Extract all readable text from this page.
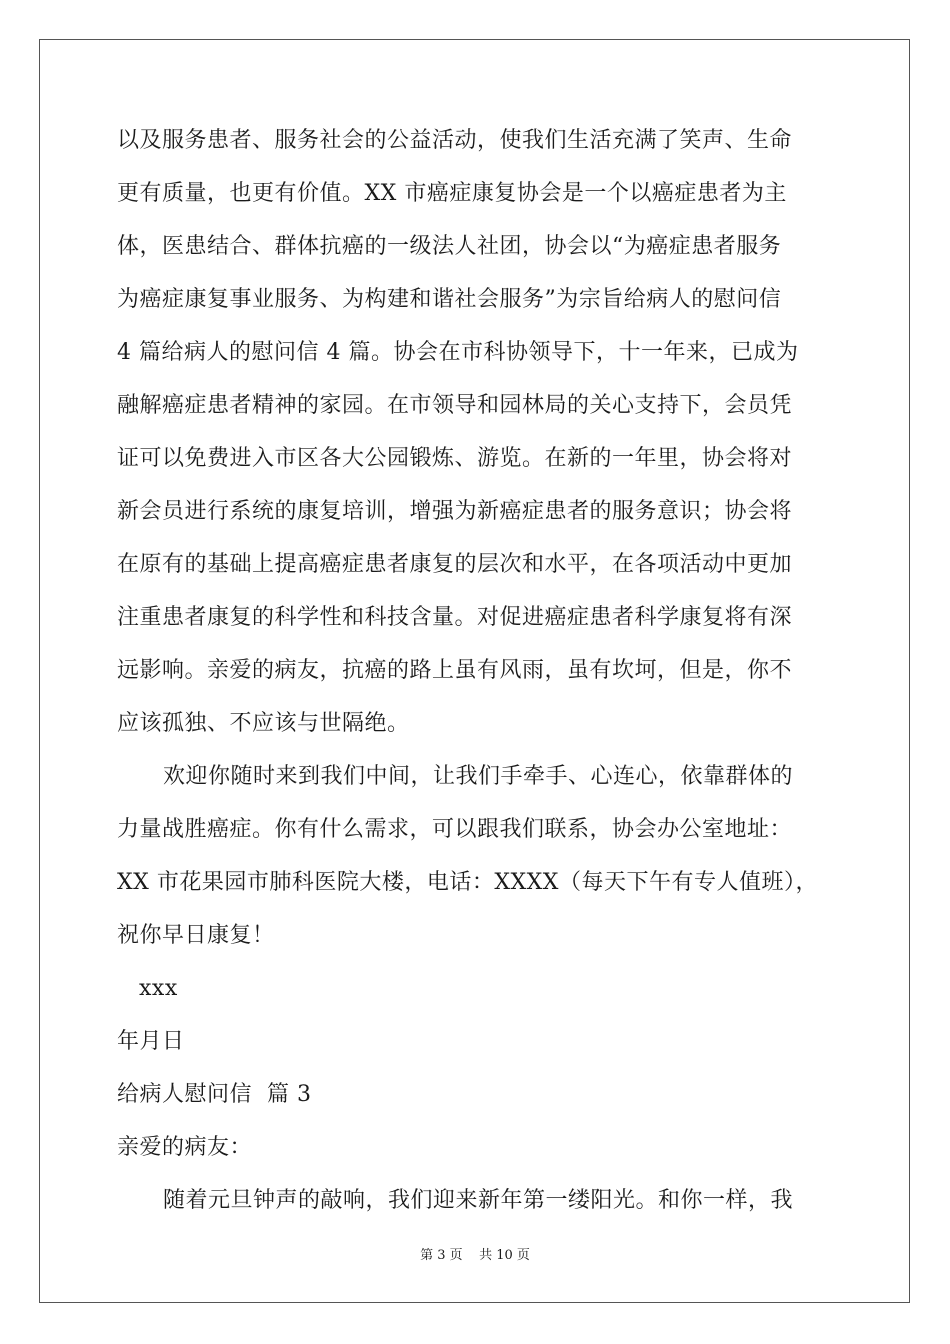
以及服务患者、服务社会的公益活动，使我们生活充满了笑声、生命
更有质量，也更有价值。XX 市癌症康复协会是一个以癌症患者为主
体，医患结合、群体抗癌的一级法人社团，协会以“为癌症患者服务
为癌症康复事业服务、为构建和谐社会服务”为宗旨给病人的慰问信
4 篇给病人的慰问信 4 篇。协会在市科协领导下，十一年来，已成为
融解癌症患者精神的家园。在市领导和园林局的关心支持下，会员凭
证可以免费进入市区各大公园锻炼、游览。在新的一年里，协会将对
新会员进行系统的康复培训，增强为新癌症患者的服务意识；协会将
在原有的基础上提高癌症患者康复的层次和水平，在各项活动中更加
注重患者康复的科学性和科技含量。对促进癌症患者科学康复将有深
远影响。亲爱的病友，抗癌的路上虽有风雨，虽有坎坷，但是，你不
应该孤独、不应该与世隔绝。
欢迎你随时来到我们中间，让我们手牵手、心连心，依靠群体的
力量战胜癌症。你有什么需求，可以跟我们联系，协会办公室地址：
XX 市花果园市肺科医院大楼，电话：XXXX（每天下午有专人值班），
祝你早日康复！
xxx
年月日
给病人慰问信  篇 3
亲爱的病友：
随着元旦钟声的敲响，我们迎来新年第一缕阳光。和你一样，我
第 3 页    共 10 页
